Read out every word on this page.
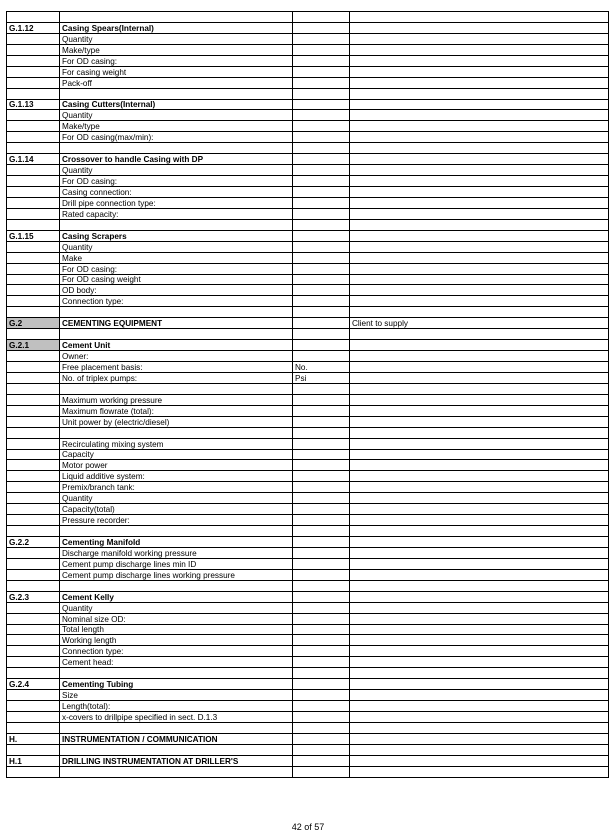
G.1.12	Casing Spears(Internal)		
	Quantity		
	Make/type		
	For OD casing:		
	For casing weight		
	Pack-off		

G.1.13	Casing Cutters(Internal)		
	Quantity		
	Make/type		
	For OD casing(max/min):		

G.1.14	Crossover to handle Casing with DP		
	Quantity		
	For OD casing:		
	Casing connection:		
	Drill pipe connection type:		
	Rated capacity:		

G.1.15	Casing Scrapers		
	Quantity		
	Make		
	For OD casing:		
	For OD casing weight		
	OD body:		
	Connection type:		

G.2	CEMENTING EQUIPMENT		Client to supply

G.2.1	Cement Unit		
	Owner:		
	Free placement basis:	No.	
	No. of triplex pumps:	Psi	

	Maximum working pressure		
	Maximum flowrate (total):		
	Unit power by (electric/diesel)		

	Recirculating mixing system		
	Capacity		
	Motor power		
	Liquid additive system:		
	Premix/branch tank:		
	Quantity		
	Capacity(total)		
	Pressure recorder:		

G.2.2	Cementing Manifold		
	Discharge manifold working pressure		
	Cement pump discharge lines min ID		
	Cement pump discharge lines working pressure		

G.2.3	Cement Kelly		
	Quantity		
	Nominal size OD:		
	Total length		
	Working length		
	Connection type:		
	Cement head:		

G.2.4	Cementing Tubing		
	Size		
	Length(total):		
	x-covers to drillpipe specified in sect. D.1.3		

H.	INSTRUMENTATION / COMMUNICATION		

H.1	DRILLING INSTRUMENTATION AT DRILLER'S		

42 of 57
